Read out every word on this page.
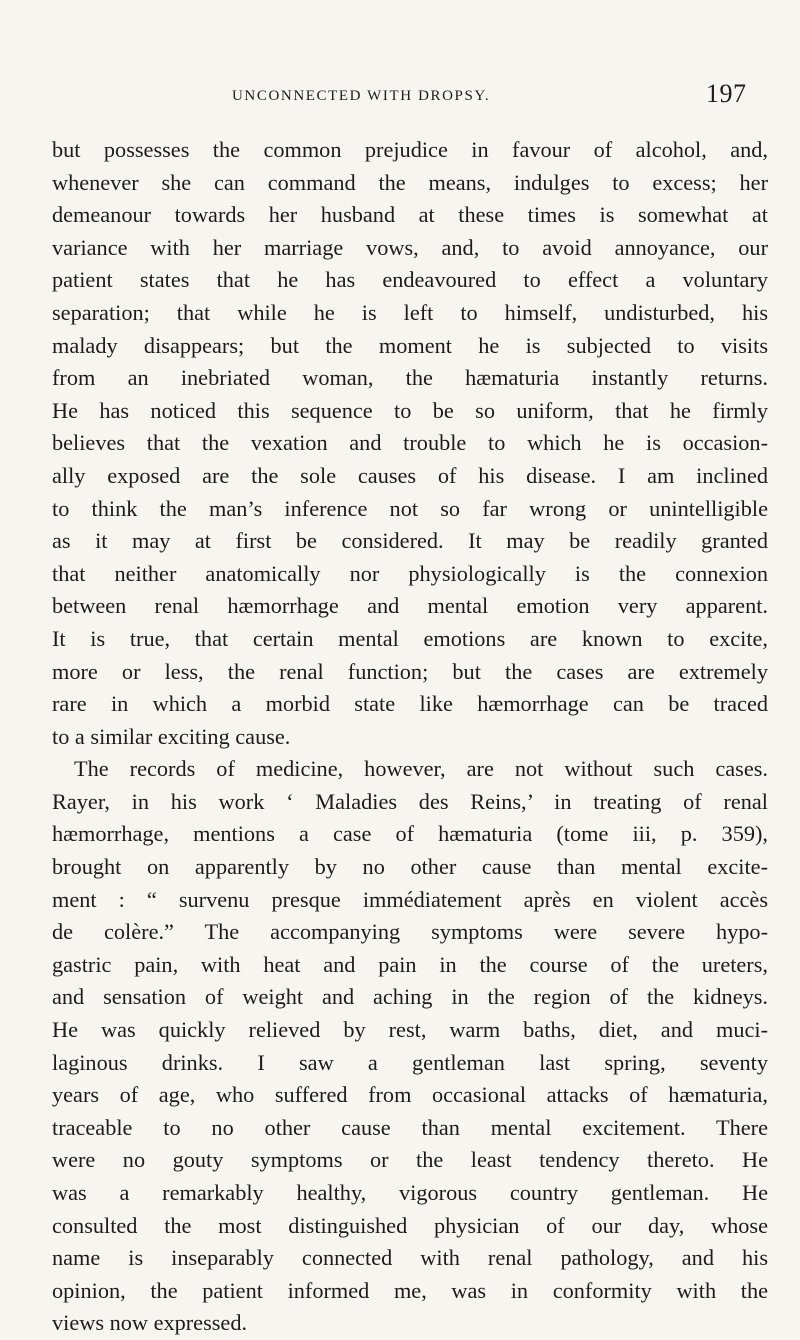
UNCONNECTED WITH DROPSY.	197
but possesses the common prejudice in favour of alcohol, and,
whenever she can command the means, indulges to excess; her
demeanour towards her husband at these times is somewhat at
variance with her marriage vows, and, to avoid annoyance, our
patient states that he has endeavoured to effect a voluntary
separation; that while he is left to himself, undisturbed, his
malady disappears; but the moment he is subjected to visits
from an inebriated woman, the hæmaturia instantly returns.
He has noticed this sequence to be so uniform, that he firmly
believes that the vexation and trouble to which he is occasion-
ally exposed are the sole causes of his disease. I am inclined
to think the man’s inference not so far wrong or unintelligible
as it may at first be considered. It may be readily granted
that neither anatomically nor physiologically is the connexion
between renal hæmorrhage and mental emotion very apparent.
It is true, that certain mental emotions are known to excite,
more or less, the renal function; but the cases are extremely
rare in which a morbid state like hæmorrhage can be traced
to a similar exciting cause.
The records of medicine, however, are not without such cases.
Rayer, in his work ‘ Maladies des Reins,’ in treating of renal
hæmorrhage, mentions a case of hæmaturia (tome iii, p. 359),
brought on apparently by no other cause than mental excite-
ment : “ survenu presque immédiatement après en violent accès
de colère.” The accompanying symptoms were severe hypo-
gastric pain, with heat and pain in the course of the ureters,
and sensation of weight and aching in the region of the kidneys.
He was quickly relieved by rest, warm baths, diet, and muci-
laginous drinks. I saw a gentleman last spring, seventy
years of age, who suffered from occasional attacks of hæmaturia,
traceable to no other cause than mental excitement. There
were no gouty symptoms or the least tendency thereto. He
was a remarkably healthy, vigorous country gentleman. He
consulted the most distinguished physician of our day, whose
name is inseparably connected with renal pathology, and his
opinion, the patient informed me, was in conformity with the
views now expressed.
